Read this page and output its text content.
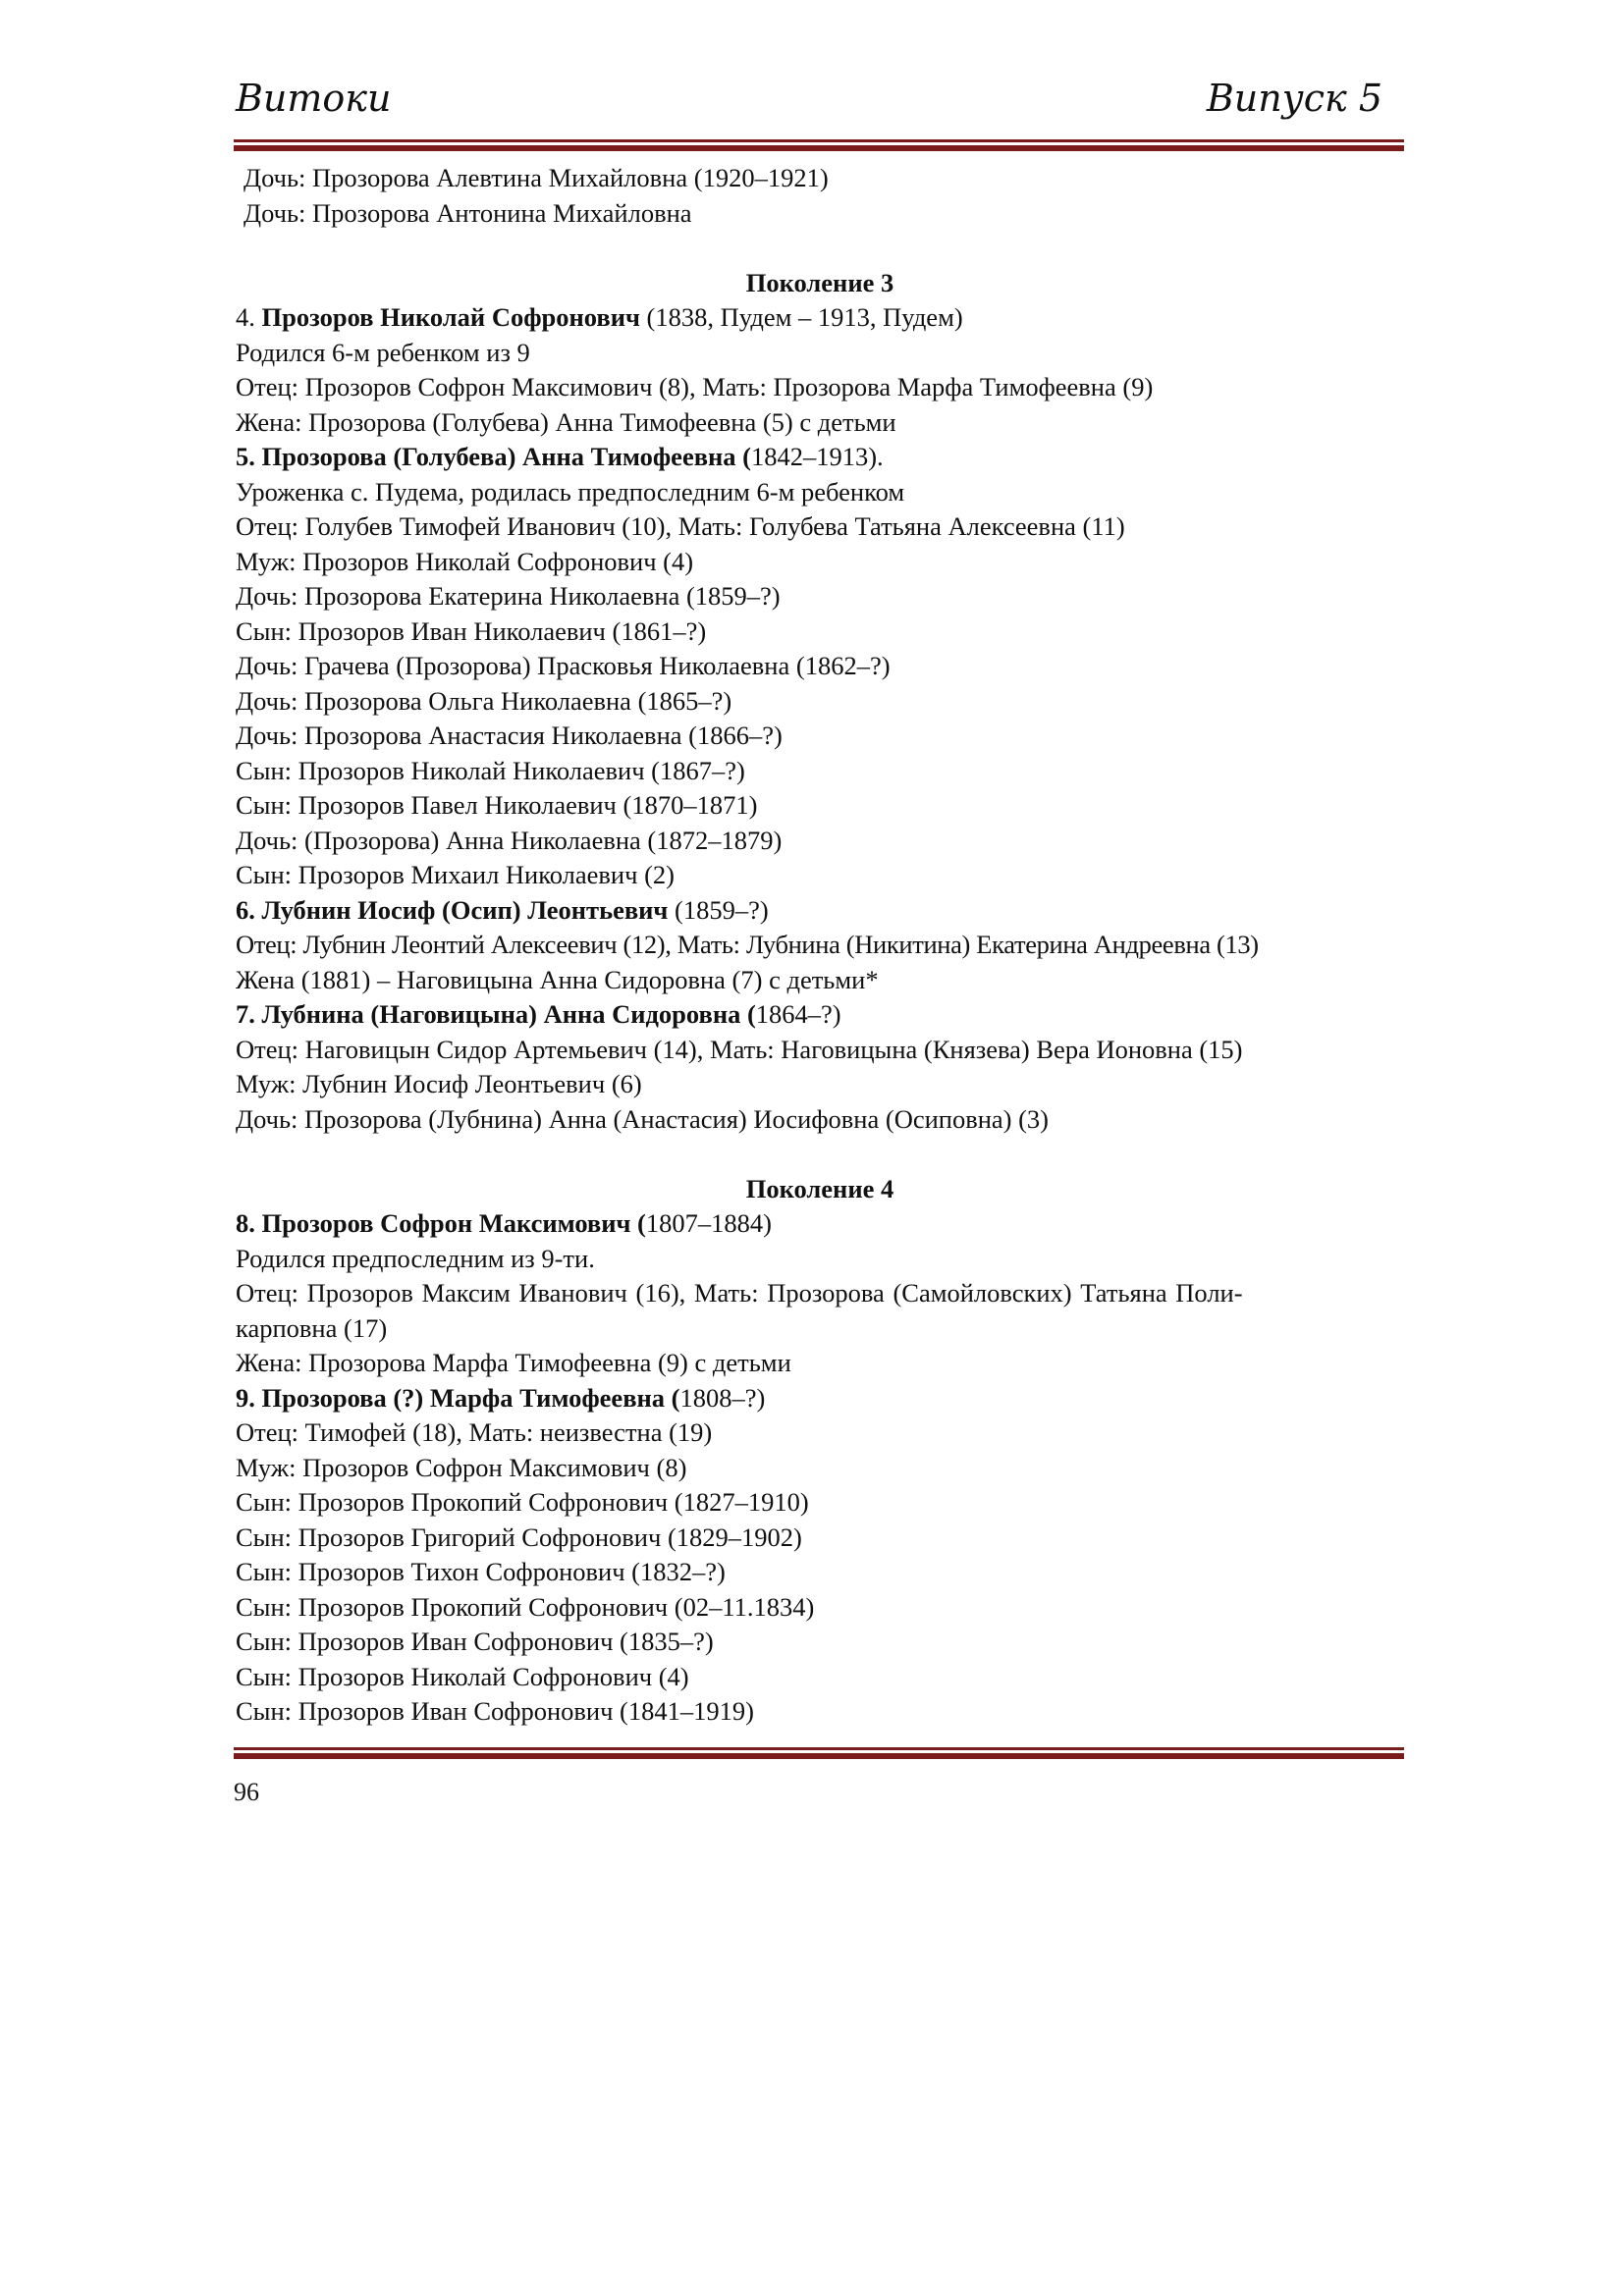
Витоки	Випуск 5
Дочь: Прозорова Алевтина Михайловна (1920–1921)
Дочь: Прозорова Антонина Михайловна
Поколение 3
4. Прозоров Николай Софронович (1838, Пудем – 1913, Пудем)
Родился 6-м ребенком из 9
Отец: Прозоров Софрон Максимович (8), Мать: Прозорова Марфа Тимофеевна (9)
Жена: Прозорова (Голубева) Анна Тимофеевна (5) с детьми
5. Прозорова (Голубева) Анна Тимофеевна (1842–1913).
Уроженка с. Пудема, родилась предпоследним 6-м ребенком
Отец: Голубев Тимофей Иванович (10), Мать: Голубева Татьяна Алексеевна (11)
Муж: Прозоров Николай Софронович (4)
Дочь: Прозорова Екатерина Николаевна (1859–?)
Сын: Прозоров Иван Николаевич (1861–?)
Дочь: Грачева (Прозорова) Прасковья Николаевна (1862–?)
Дочь: Прозорова Ольга Николаевна (1865–?)
Дочь: Прозорова Анастасия Николаевна (1866–?)
Сын: Прозоров Николай Николаевич (1867–?)
Сын: Прозоров Павел Николаевич (1870–1871)
Дочь: (Прозорова) Анна Николаевна (1872–1879)
Сын: Прозоров Михаил Николаевич (2)
6. Лубнин Иосиф (Осип) Леонтьевич (1859–?)
Отец: Лубнин Леонтий Алексеевич (12), Мать: Лубнина (Никитина) Екатерина Андреевна (13)
Жена (1881) – Наговицына Анна Сидоровна (7) с детьми*
7. Лубнина (Наговицына) Анна Сидоровна (1864–?)
Отец: Наговицын Сидор Артемьевич (14), Мать: Наговицына (Князева) Вера Ионовна (15)
Муж: Лубнин Иосиф Леонтьевич (6)
Дочь: Прозорова (Лубнина) Анна (Анастасия) Иосифовна (Осиповна) (3)
Поколение 4
8. Прозоров Софрон Максимович (1807–1884)
Родился предпоследним из 9-ти.
Отец: Прозоров Максим Иванович (16), Мать: Прозорова (Самойловских) Татьяна Поли-
карповна (17)
Жена: Прозорова Марфа Тимофеевна (9) с детьми
9. Прозорова (?) Марфа Тимофеевна (1808–?)
Отец: Тимофей (18), Мать: неизвестна (19)
Муж: Прозоров Софрон Максимович (8)
Сын: Прозоров Прокопий Софронович (1827–1910)
Сын: Прозоров Григорий Софронович (1829–1902)
Сын: Прозоров Тихон Софронович (1832–?)
Сын: Прозоров Прокопий Софронович (02–11.1834)
Сын: Прозоров Иван Софронович (1835–?)
Сын: Прозоров Николай Софронович (4)
Сын: Прозоров Иван Софронович (1841–1919)
96
